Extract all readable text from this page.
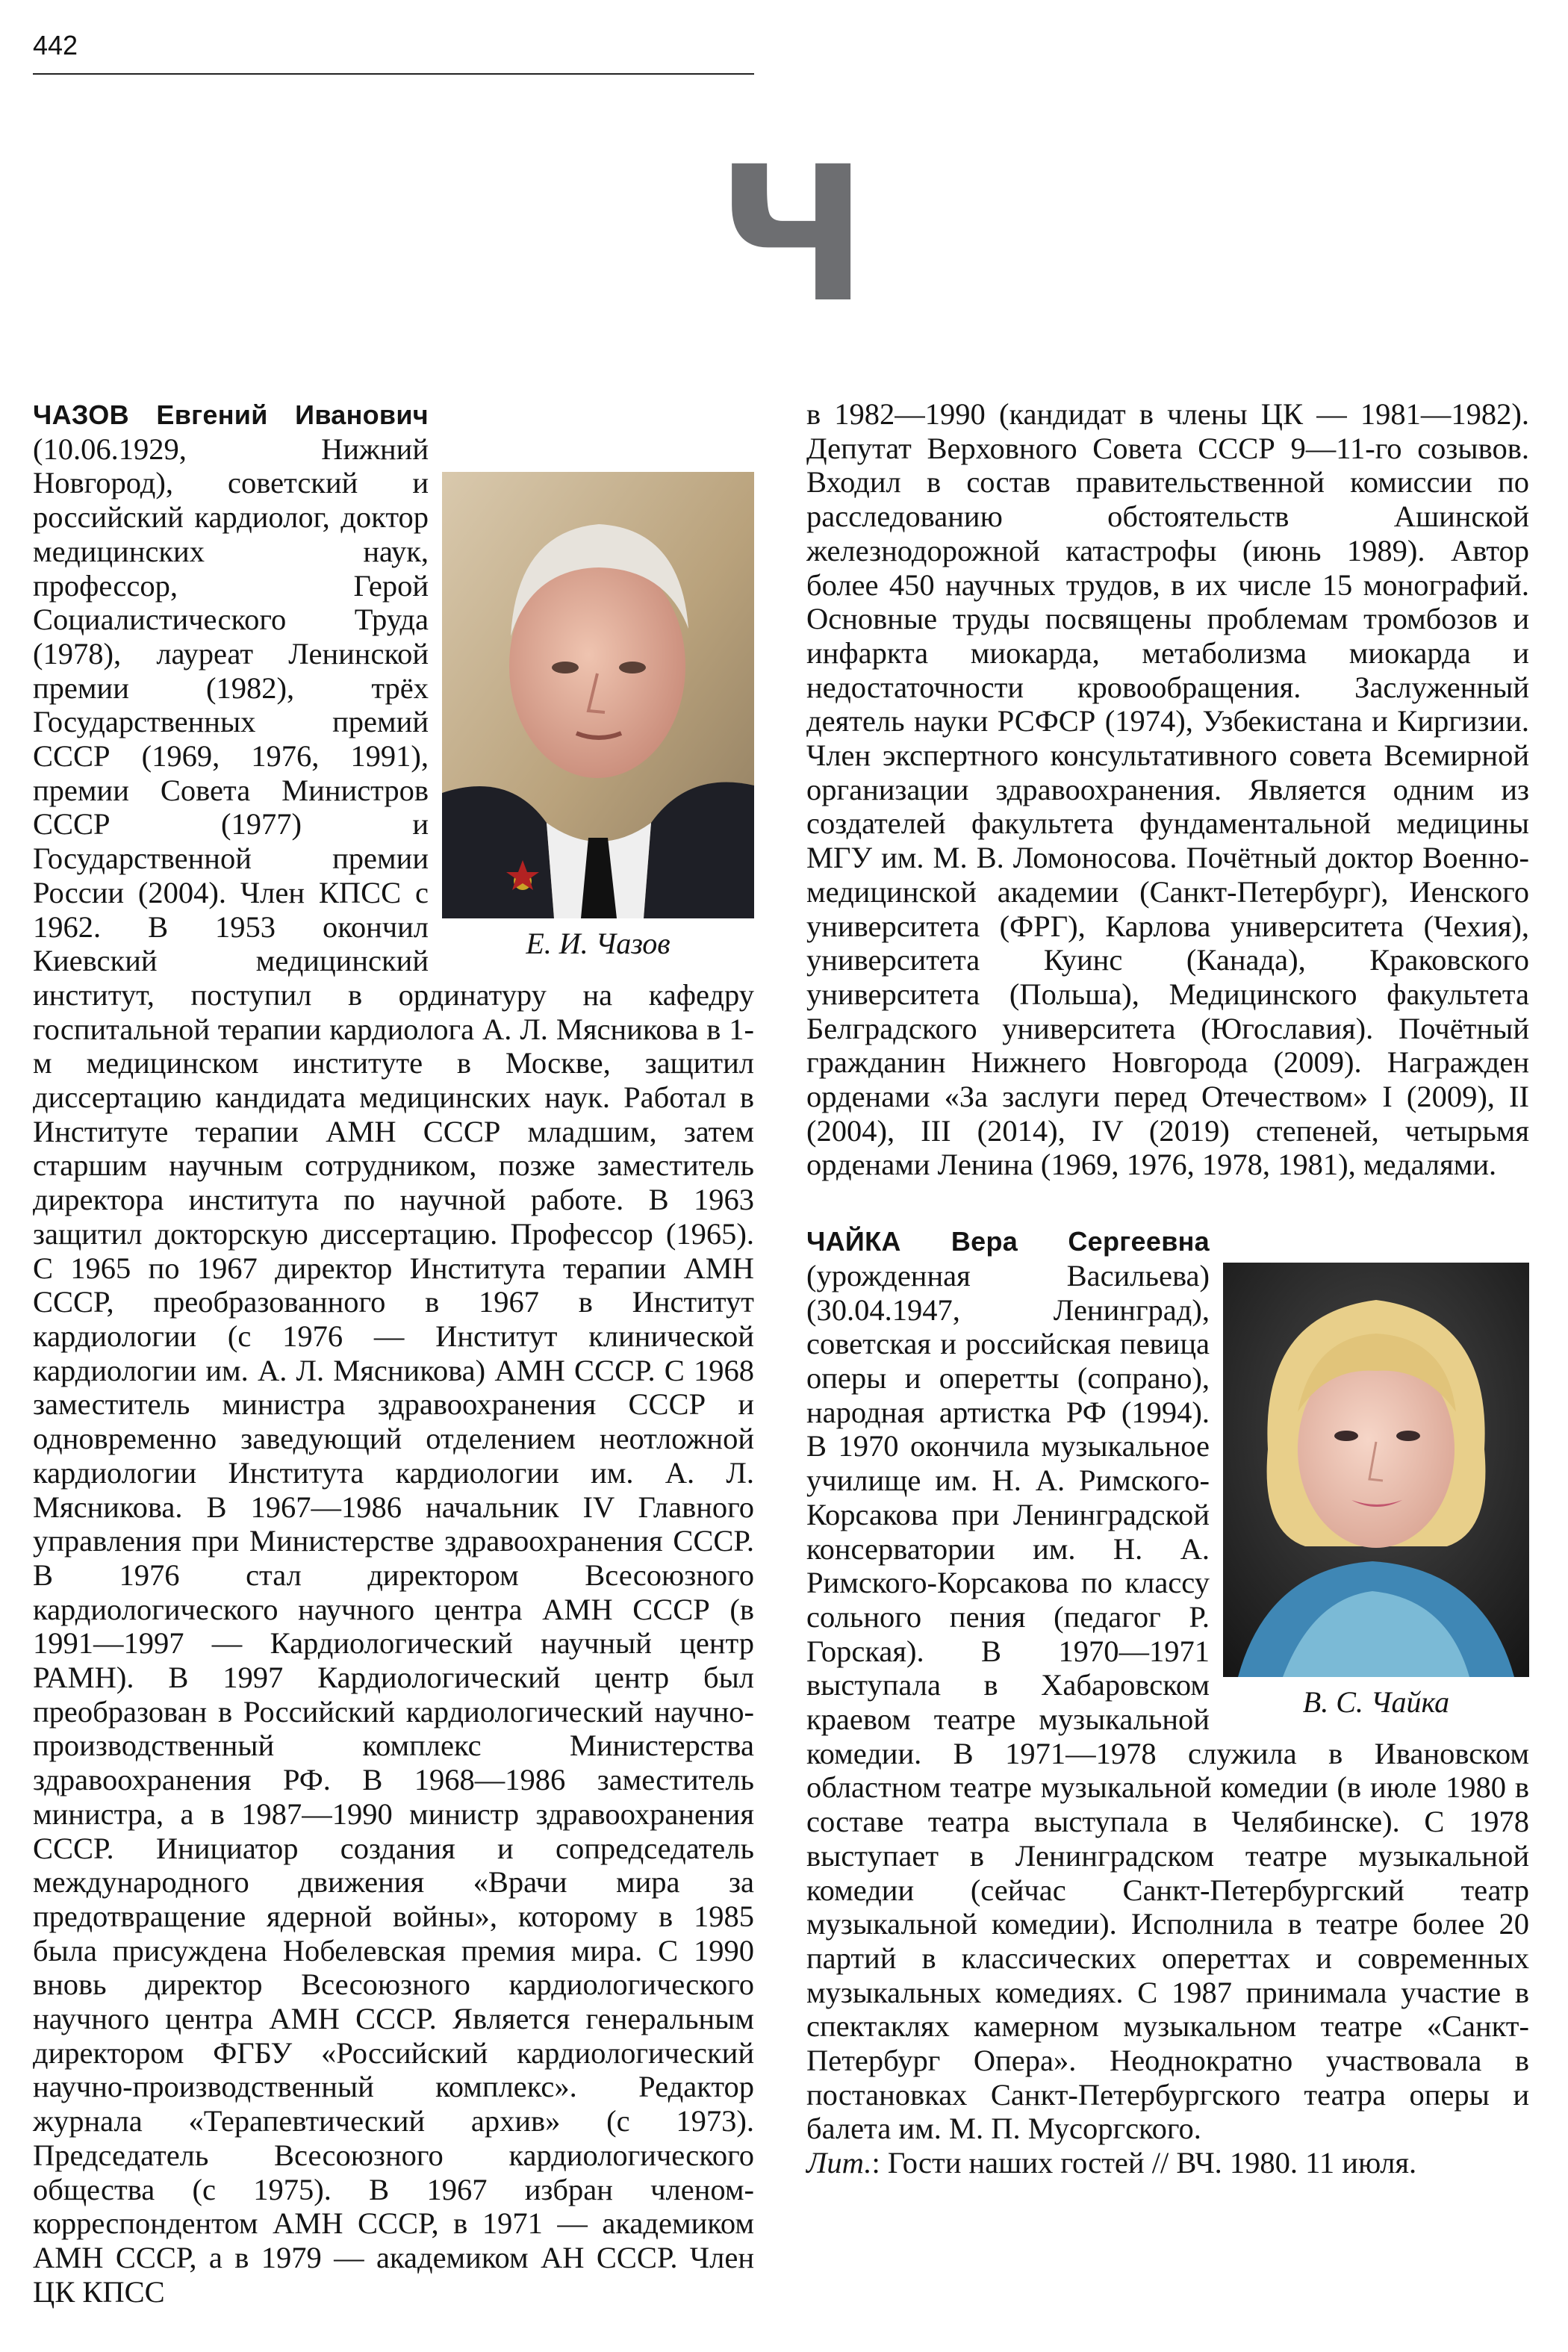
442
Ч
Е. И. Чазов

ЧАЗОВ Евгений Иванович (10.06.1929, Нижний Новгород), советский и российский кардиолог, доктор медицинских наук, профессор, Герой Социалистического Труда (1978), лауреат Ленинской премии (1982), трёх Государственных премий СССР (1969, 1976, 1991), премии Совета Министров СССР (1977) и Государственной премии России (2004). Член КПСС с 1962. В 1953 окончил Киевский медицинский институт, поступил в ординатуру на кафедру госпитальной терапии кардиолога А. Л. Мясникова в 1-м медицинском институте в Москве, защитил диссертацию кандидата медицинских наук. Работал в Институте терапии АМН СССР младшим, затем старшим научным сотрудником, позже заместитель директора института по научной работе. В 1963 защитил докторскую диссертацию. Профессор (1965). С 1965 по 1967 директор Института терапии АМН СССР, преобразованного в 1967 в Институт кардиологии (с 1976 — Институт клинической кардиологии им. А. Л. Мясникова) АМН СССР. С 1968 заместитель министра здравоохранения СССР и одновременно заведующий отделением неотложной кардиологии Института кардиологии им. А. Л. Мясникова. В 1967—1986 начальник IV Главного управления при Министерстве здравоохранения СССР. В 1976 стал директором Всесоюзного кардиологического научного центра АМН СССР (в 1991—1997 — Кардиологический научный центр РАМН). В 1997 Кардиологический центр был преобразован в Российский кардиологический научно-производственный комплекс Министерства здравоохранения РФ. В 1968—1986 заместитель министра, а в 1987—1990 министр здравоохранения СССР. Инициатор создания и сопредседатель международного движения «Врачи мира за предотвращение ядерной войны», которому в 1985 была присуждена Нобелевская премия мира. С 1990 вновь директор Всесоюзного кардиологического научного центра АМН СССР. Является генеральным директором ФГБУ «Российский кардиологический научно-производственный комплекс». Редактор журнала «Терапевтический архив» (с 1973). Председатель Всесоюзного кардиологического общества (с 1975). В 1967 избран членом-корреспондентом АМН СССР, в 1971 — академиком АМН СССР, а в 1979 — академиком АН СССР. Член ЦК КПСС

в 1982—1990 (кандидат в члены ЦК — 1981—1982). Депутат Верховного Совета СССР 9—11-го созывов. Входил в состав правительственной комиссии по расследованию обстоятельств Ашинской железнодорожной катастрофы (июнь 1989). Автор более 450 научных трудов, в их числе 15 монографий. Основные труды посвящены проблемам тромбозов и инфаркта миокарда, метаболизма миокарда и недостаточности кровообращения. Заслуженный деятель науки РСФСР (1974), Узбекистана и Киргизии. Член экспертного консультативного совета Всемирной организации здравоохранения. Является одним из создателей факультета фундаментальной медицины МГУ им. М. В. Ломоносова. Почётный доктор Военно-медицинской академии (Санкт-Петербург), Иенского университета (ФРГ), Карлова университета (Чехия), университета Куинс (Канада), Краковского университета (Польша), Медицинского факультета Белградского университета (Югославия). Почётный гражданин Нижнего Новгорода (2009). Награжден орденами «За заслуги перед Отечеством» I (2009), II (2004), III (2014), IV (2019) степеней, четырьмя орденами Ленина (1969, 1976, 1978, 1981), медалями.

В. С. Чайка

ЧАЙКА Вера Сергеевна (урожденная Васильева) (30.04.1947, Ленинград), советская и российская певица оперы и оперетты (сопрано), народная артистка РФ (1994). В 1970 окончила музыкальное училище им. Н. А. Римского-Корсакова при Ленинградской консерватории им. Н. А. Римского-Корсакова по классу сольного пения (педагог Р. Горская). В 1970—1971 выступала в Хабаровском краевом театре музыкальной комедии. В 1971—1978 служила в Ивановском областном театре музыкальной комедии (в июле 1980 в составе театра выступала в Челябинске). С 1978 выступает в Ленинградском театре музыкальной комедии (сейчас Санкт-Петербургский театр музыкальной комедии). Исполнила в театре более 20 партий в классических опереттах и современных музыкальных комедиях. С 1987 принимала участие в спектаклях камерном музыкальном театре «Санкт-Петербург Опера». Неоднократно участвовала в постановках Санкт-Петербургского театра оперы и балета им. М. П. Мусоргского.

Лит.: Гости наших гостей // ВЧ. 1980. 11 июля.
